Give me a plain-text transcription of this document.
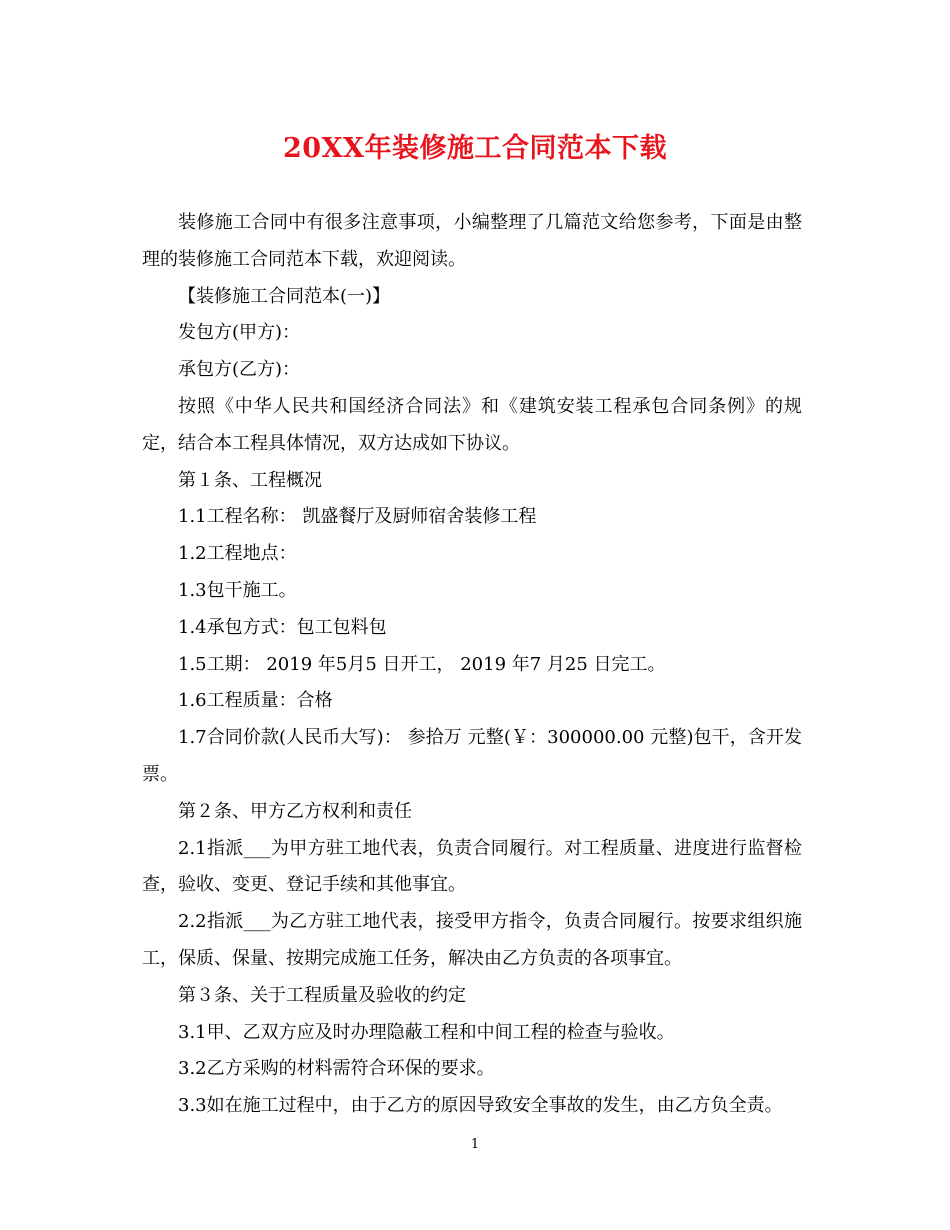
20XX年装修施工合同范本下载

装修施工合同中有很多注意事项，小编整理了几篇范文给您参考，下面是由整理的装修施工合同范本下载，欢迎阅读。

【装修施工合同范本(一)】

发包方(甲方)：

承包方(乙方)：

按照《中华人民共和国经济合同法》和《建筑安装工程承包合同条例》的规定，结合本工程具体情况，双方达成如下协议。

第１条、工程概况

1.1工程名称： 凯盛餐厅及厨师宿舍装修工程

1.2工程地点：

1.3包干施工。

1.4承包方式：包工包料包

1.5工期： 2019 年5月5 日开工， 2019 年7 月25 日完工。

1.6工程质量：合格

1.7合同价款(人民币大写)： 参拾万 元整(￥：300000.00 元整)包干，含开发票。

第２条、甲方乙方权利和责任

2.1指派___为甲方驻工地代表，负责合同履行。对工程质量、进度进行监督检查，验收、变更、登记手续和其他事宜。

2.2指派___为乙方驻工地代表，接受甲方指令，负责合同履行。按要求组织施工，保质、保量、按期完成施工任务，解决由乙方负责的各项事宜。

第３条、关于工程质量及验收的约定

3.1甲、乙双方应及时办理隐蔽工程和中间工程的检查与验收。

3.2乙方采购的材料需符合环保的要求。

3.3如在施工过程中，由于乙方的原因导致安全事故的发生，由乙方负全责。

1
